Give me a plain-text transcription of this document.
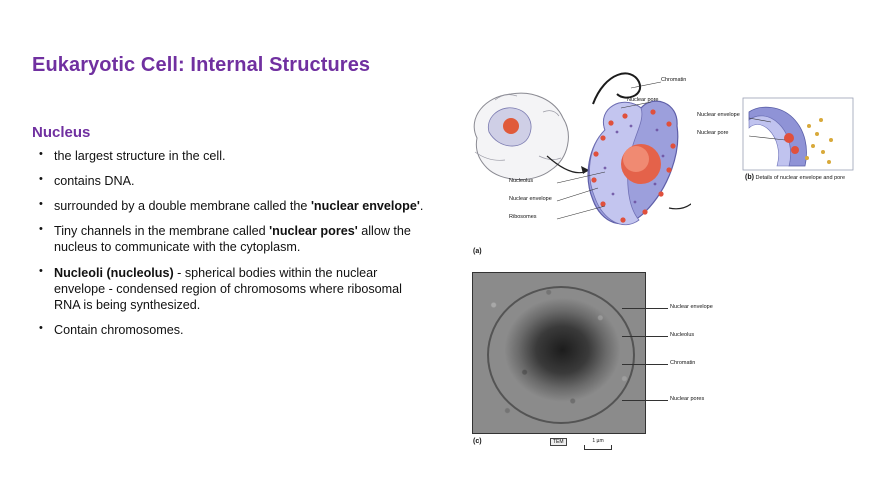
Eukaryotic Cell: Internal Structures
Nucleus
• the largest structure in the cell.
• contains DNA.
• surrounded by a double membrane called the 'nuclear envelope'.
• Tiny channels in the membrane called 'nuclear pores' allow the nucleus to communicate with the cytoplasm.
• Nucleoli (nucleolus) - spherical bodies within the nuclear envelope - condensed region of chromosoms where ribosomal RNA is being synthesized.
• Contain chromosomes.
Chromatin
Nuclear pore
Nucleolus
Nuclear envelope
Ribosomes
(a)
Nuclear envelope
Nuclear pore
(b) Details of nuclear envelope and pore
Nuclear envelope
Nucleolus
Chromatin
Nuclear pores
(c)	TEM	1 µm
